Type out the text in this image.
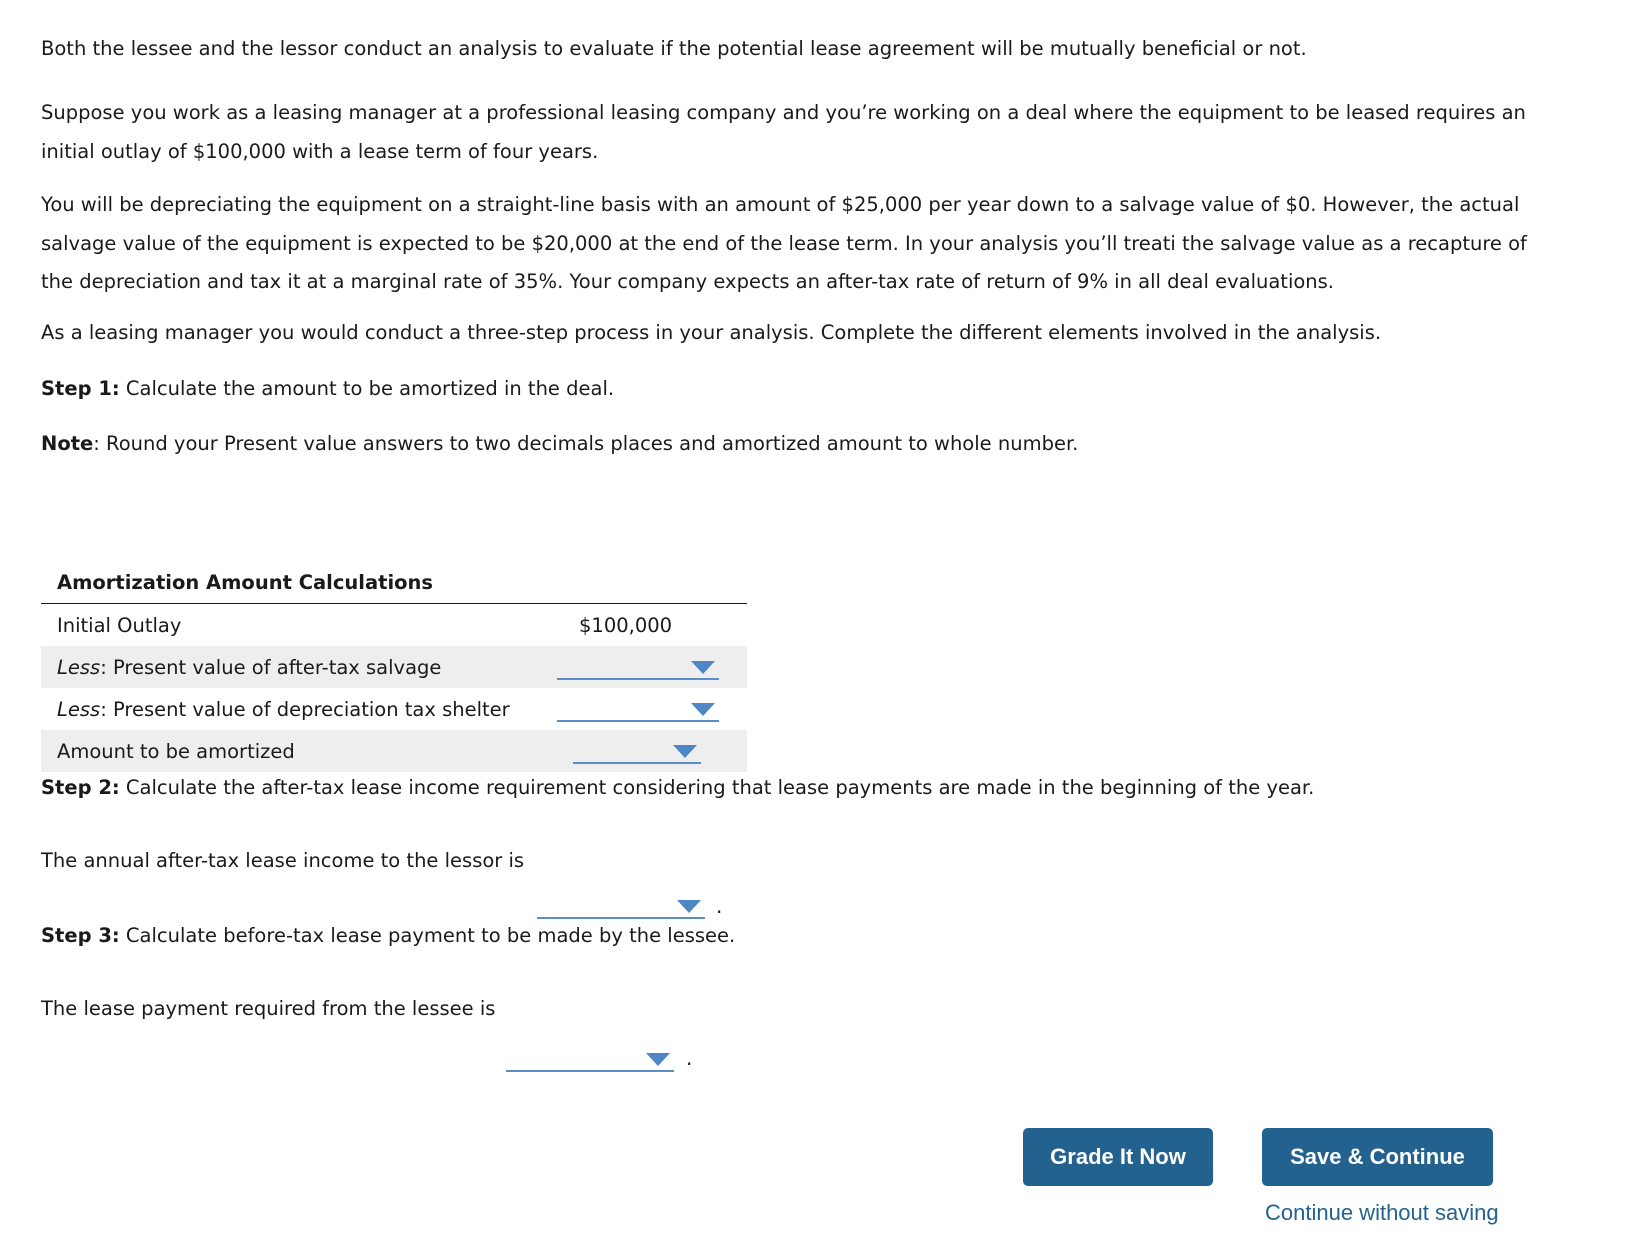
Both the lessee and the lessor conduct an analysis to evaluate if the potential lease agreement will be mutually beneficial or not.

Suppose you work as a leasing manager at a professional leasing company and you’re working on a deal where the equipment to be leased requires an initial outlay of $100,000 with a lease term of four years.

You will be depreciating the equipment on a straight-line basis with an amount of $25,000 per year down to a salvage value of $0. However, the actual salvage value of the equipment is expected to be $20,000 at the end of the lease term. In your analysis you’ll treati the salvage value as a recapture of the depreciation and tax it at a marginal rate of 35%. Your company expects an after-tax rate of return of 9% in all deal evaluations.

As a leasing manager you would conduct a three-step process in your analysis. Complete the different elements involved in the analysis.

Step 1: Calculate the amount to be amortized in the deal.

Note: Round your Present value answers to two decimals places and amortized amount to whole number.

Amortization Amount Calculations	
Initial Outlay	$100,000

Less: Present value of after-tax salvage	

Less: Present value of depreciation tax shelter	

Amount to be amortized	

Step 2: Calculate the after-tax lease income requirement considering that lease payments are made in the beginning of the year.

The annual after-tax lease income to the lessor is

.

Step 3: Calculate before-tax lease payment to be made by the lessee.

The lease payment required from the lessee is

.
Grade It Now	Save & Continue
Continue without saving
